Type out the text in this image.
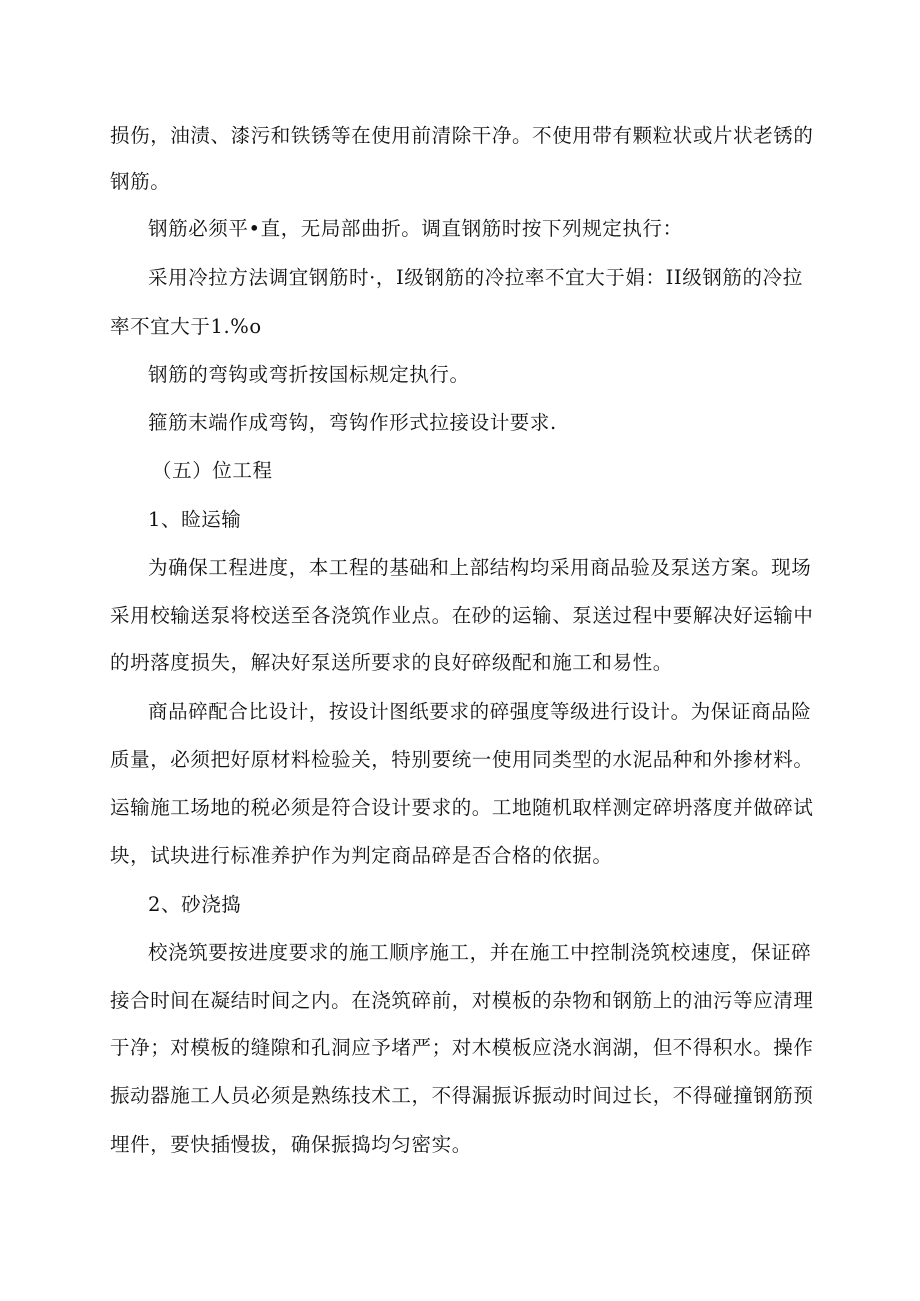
损伤，油渍、漆污和铁锈等在使用前清除干净。不使用带有颗粒状或片状老锈的
钢筋。
钢筋必须平•直，无局部曲折。调直钢筋时按下列规定执行：
采用冷拉方法调宜钢筋时·，I级钢筋的冷拉率不宜大于娟：II级钢筋的冷拉
率不宜大于1.%o
钢筋的弯钩或弯折按国标规定执行。
箍筋末端作成弯钩，弯钩作形式拉接设计要求.
（五）位工程
1、睑运输
为确保工程进度，本工程的基础和上部结构均采用商品验及泵送方案。现场
采用校输送泵将校送至各浇筑作业点。在砂的运输、泵送过程中要解决好运输中
的坍落度损失，解决好泵送所要求的良好碎级配和施工和易性。
商品碎配合比设计，按设计图纸要求的碎强度等级进行设计。为保证商品险
质量，必须把好原材料检验关，特别要统一使用同类型的水泥品种和外掺材料。
运输施工场地的税必须是符合设计要求的。工地随机取样测定碎坍落度并做碎试
块，试块进行标准养护作为判定商品碎是否合格的依据。
2、砂浇捣
校浇筑要按进度要求的施工顺序施工，并在施工中控制浇筑校速度，保证碎
接合时间在凝结时间之内。在浇筑碎前，对模板的杂物和钢筋上的油污等应清理
于净；对模板的缝隙和孔洞应予堵严；对木模板应浇水润湖，但不得积水。操作
振动器施工人员必须是熟练技术工，不得漏振诉振动时间过长，不得碰撞钢筋预
埋件，要快插慢拔，确保振捣均匀密实。
